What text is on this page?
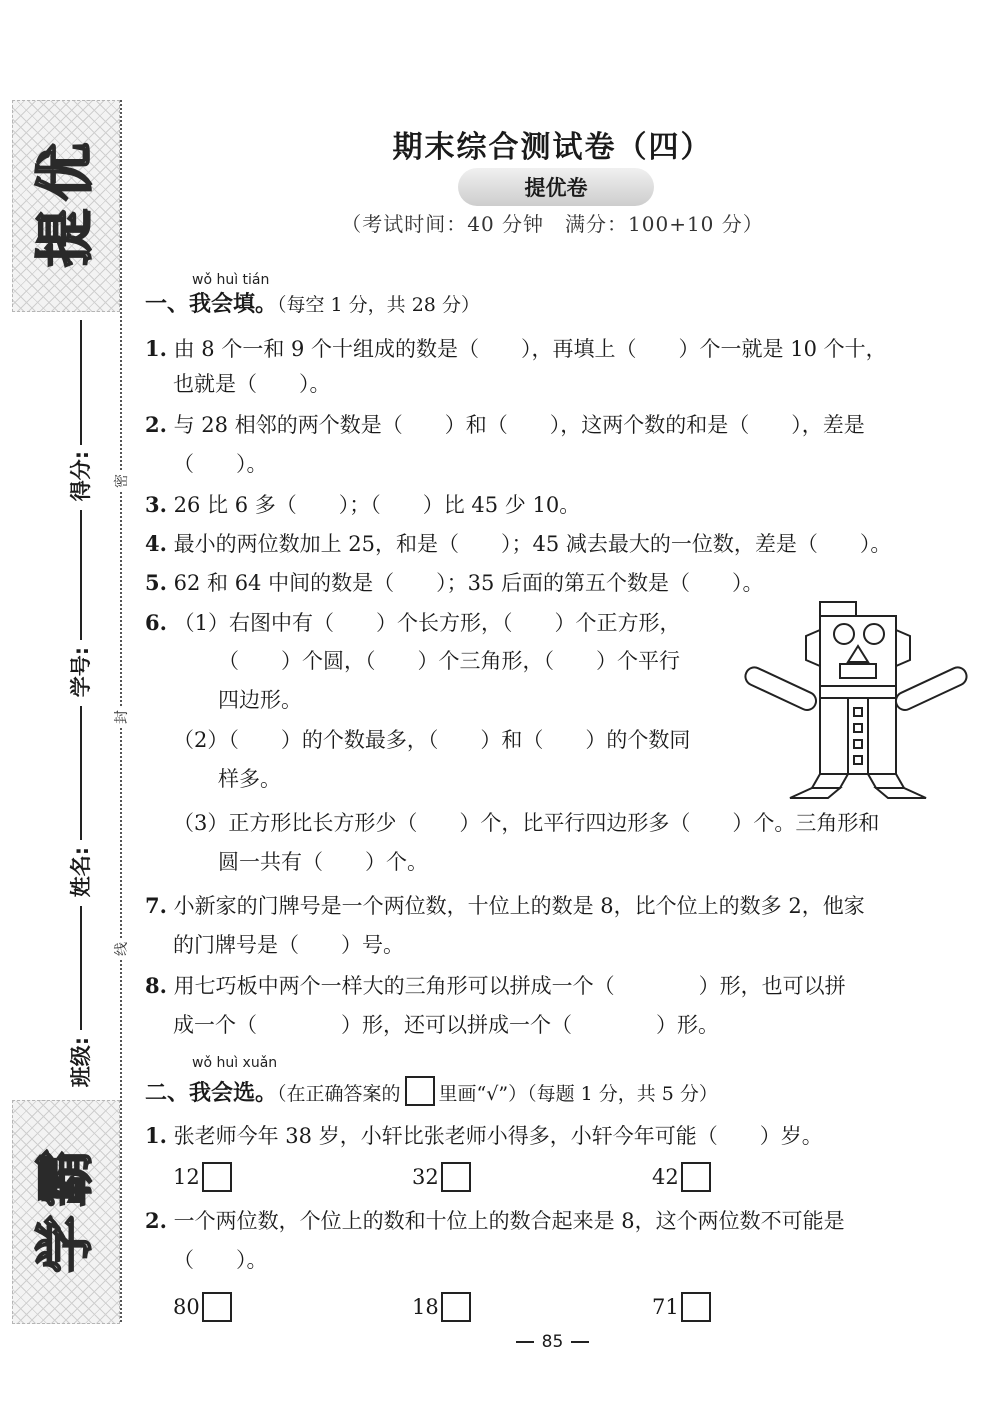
优
提
得分:
学号:
姓名:
班级:
霸
学
密
封
线
期末综合测试卷（四）
提优卷
（考试时间：40 分钟　满分：100+10 分）
wǒ huì tián
一、我会填。（每空 1 分，共 28 分）
1. 由 8 个一和 9 个十组成的数是（　　），再填上（　　）个一就是 10 个十，
也就是（　　）。
2. 与 28 相邻的两个数是（　　）和（　　），这两个数的和是（　　），差是
（　　）。
3. 26 比 6 多（　　）；（　　）比 45 少 10。
4. 最小的两位数加上 25，和是（　　）；45 减去最大的一位数，差是（　　）。
5. 62 和 64 中间的数是（　　）；35 后面的第五个数是（　　）。
6. （1）右图中有（　　）个长方形，（　　）个正方形，
（　　）个圆，（　　）个三角形，（　　）个平行
四边形。
（2）（　　）的个数最多，（　　）和（　　）的个数同
样多。
（3）正方形比长方形少（　　）个，比平行四边形多（　　）个。三角形和
圆一共有（　　）个。
7. 小新家的门牌号是一个两位数，十位上的数是 8，比个位上的数多 2，他家
的门牌号是（　　）号。
8. 用七巧板中两个一样大的三角形可以拼成一个（　　　　）形，也可以拼
成一个（　　　　）形，还可以拼成一个（　　　　）形。
wǒ huì xuǎn
二、我会选。（在正确答案的 里画“√”）（每题 1 分，共 5 分）
1. 张老师今年 38 岁，小轩比张老师小得多，小轩今年可能（　　）岁。
12	32	42
2. 一个两位数，个位上的数和十位上的数合起来是 8，这个两位数不可能是
（　　）。
80	18	71
85
